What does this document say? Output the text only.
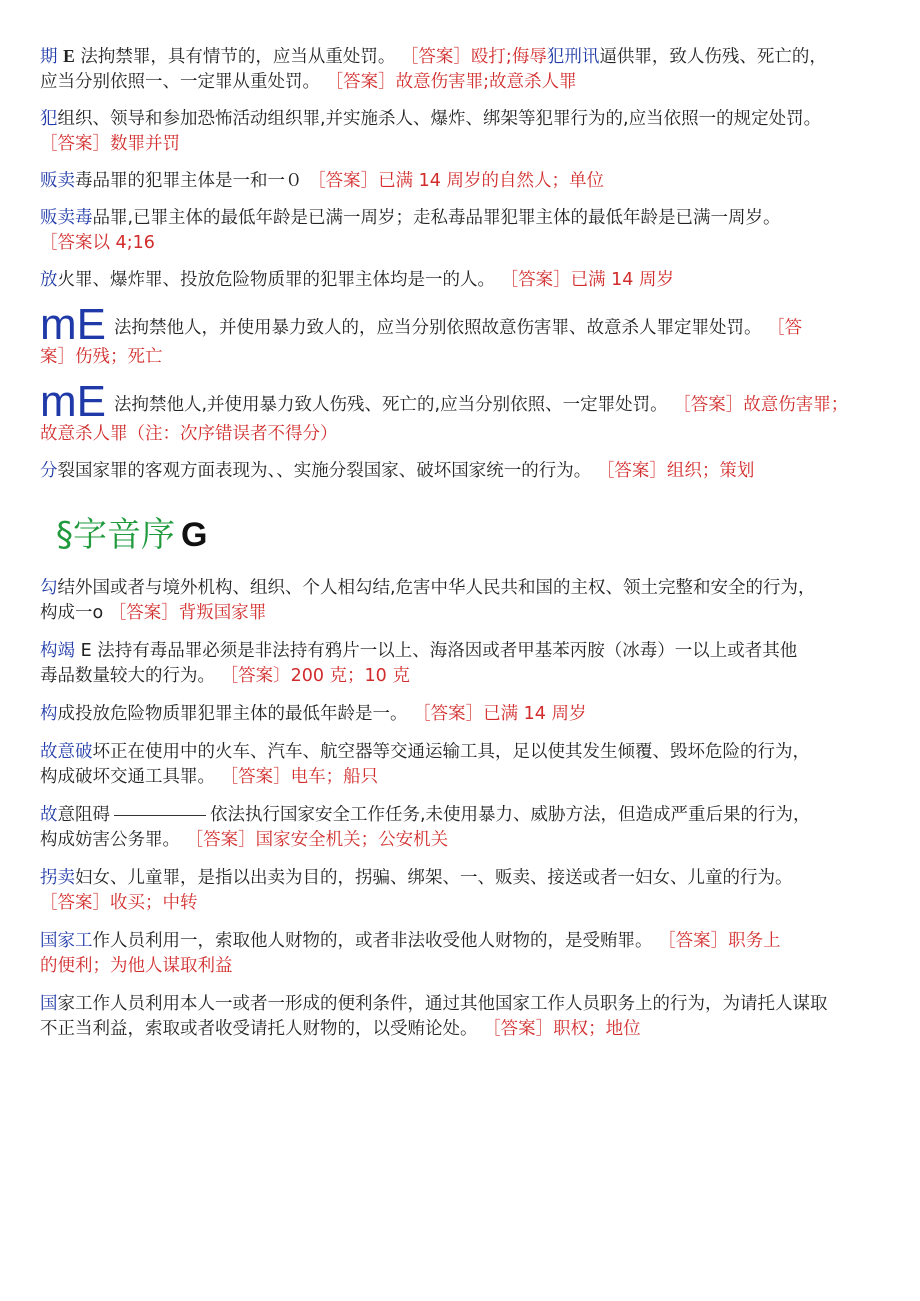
期 E 法拘禁罪，具有情节的，应当从重处罚。 ［答案］殴打;侮辱犯刑讯逼供罪，致人伤残、死亡的，
应当分别依照一、一定罪从重处罚。 ［答案］故意伤害罪;故意杀人罪
犯组织、领导和参加恐怖活动组织罪,并实施杀人、爆炸、绑架等犯罪行为的,应当依照一的规定处罚。
［答案］数罪并罚
贩卖毒品罪的犯罪主体是一和一０ ［答案］已满 14 周岁的自然人；单位
贩卖毒品罪,已罪主体的最低年龄是已满一周岁；走私毒品罪犯罪主体的最低年龄是已满一周岁。
［答案以 4;16
放火罪、爆炸罪、投放危险物质罪的犯罪主体均是一的人。 ［答案］已满 14 周岁
mE 法拘禁他人，并使用暴力致人的，应当分别依照故意伤害罪、故意杀人罪定罪处罚。 ［答
案］伤残；死亡
mE 法拘禁他人,并使用暴力致人伤残、死亡的,应当分别依照、一定罪处罚。 ［答案］故意伤害罪；
故意杀人罪（注：次序错误者不得分）
分裂国家罪的客观方面表现为、、实施分裂国家、破坏国家统一的行为。 ［答案］组织；策划
§字音序 G
勾结外国或者与境外机构、组织、个人相勾结,危害中华人民共和国的主权、领土完整和安全的行为，
构成一o ［答案］背叛国家罪
构竭 E 法持有毒品罪必须是非法持有鸦片一以上、海洛因或者甲基苯丙胺（冰毒）一以上或者其他
毒品数量较大的行为。 ［答案〕200 克；10 克
构成投放危险物质罪犯罪主体的最低年龄是一。 ［答案］已满 14 周岁
故意破坏正在使用中的火车、汽车、航空器等交通运输工具，足以使其发生倾覆、毁坏危险的行为，
构成破坏交通工具罪。 ［答案］电车；船只
故意阻碍	依法执行国家安全工作任务,未使用暴力、威胁方法，但造成严重后果的行为，
构成妨害公务罪。 ［答案］国家安全机关；公安机关
拐卖妇女、儿童罪，是指以出卖为目的，拐骗、绑架、一、贩卖、接送或者一妇女、儿童的行为。
［答案］收买；中转
国家工作人员利用一，索取他人财物的，或者非法收受他人财物的，是受贿罪。 ［答案］职务上
的便利；为他人谋取利益
国家工作人员利用本人一或者一形成的便利条件，通过其他国家工作人员职务上的行为，为请托人谋取
不正当利益，索取或者收受请托人财物的，以受贿论处。 ［答案］职权；地位
